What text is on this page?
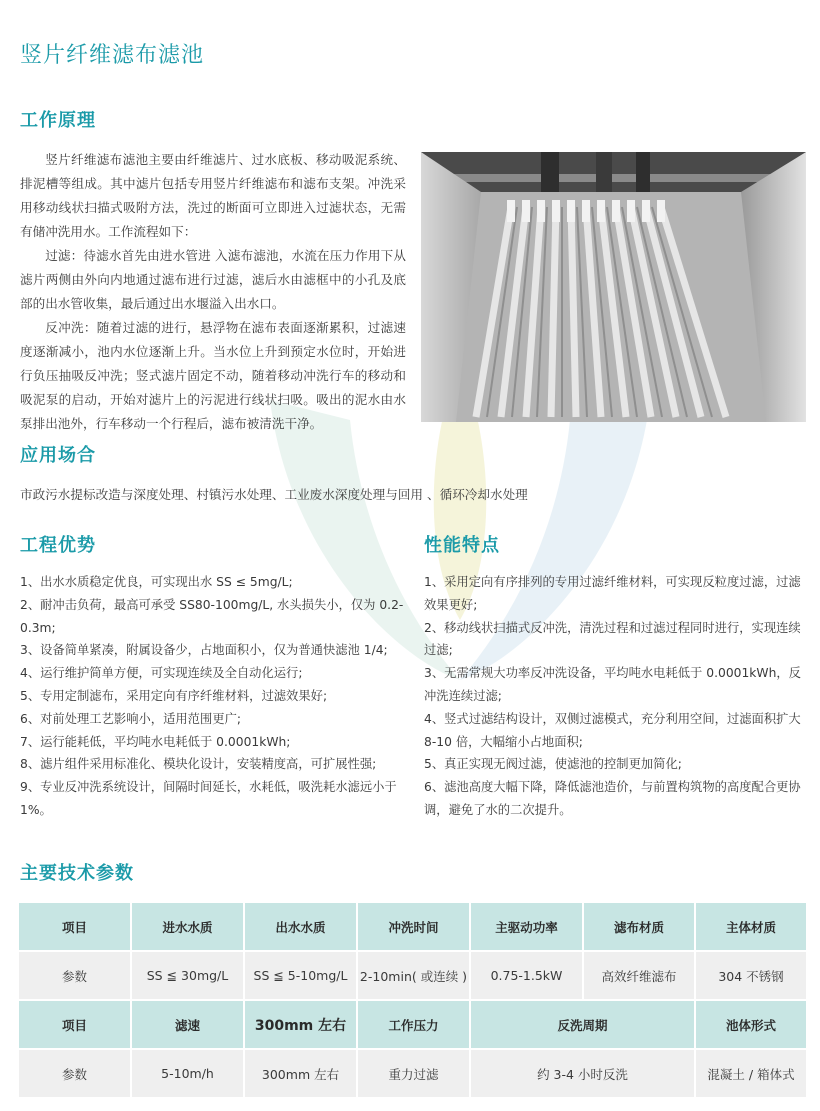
竖片纤维滤布滤池
工作原理

竖片纤维滤布滤池主要由纤维滤片、过水底板、移动吸泥系统、排泥槽等组成。其中滤片包括专用竖片纤维滤布和滤布支架。冲洗采用移动线状扫描式吸附方法，洗过的断面可立即进入过滤状态，无需有储冲洗用水。工作流程如下：

过滤：待滤水首先由进水管进 入滤布滤池，水流在压力作用下从滤片两侧由外向内地通过滤布进行过滤，滤后水由滤框中的小孔及底部的出水管收集，最后通过出水堰溢入出水口。

反冲洗：随着过滤的进行，悬浮物在滤布表面逐渐累积，过滤速度逐渐减小，池内水位逐渐上升。当水位上升到预定水位时，开始进行负压抽吸反冲洗；竖式滤片固定不动，随着移动冲洗行车的移动和吸泥泵的启动，开始对滤片上的污泥进行线状扫吸。吸出的泥水由水泵排出池外，行车移动一个行程后，滤布被清洗干净。

应用场合
市政污水提标改造与深度处理、村镇污水处理、工业废水深度处理与回用 、循环冷却水处理
工程优势
1、出水水质稳定优良，可实现出水 SS ≤ 5mg/L;
2、耐冲击负荷，最高可承受 SS80-100mg/L, 水头损失小，仅为 0.2-0.3m;
3、设备简单紧凑，附属设备少，占地面积小，仅为普通快滤池 1/4;
4、运行维护简单方便，可实现连续及全自动化运行;
5、专用定制滤布，采用定向有序纤维材料，过滤效果好;
6、对前处理工艺影响小，适用范围更广;
7、运行能耗低，平均吨水电耗低于 0.0001kWh;
8、滤片组件采用标准化、模块化设计，安装精度高，可扩展性强;
9、专业反冲洗系统设计，间隔时间延长，水耗低，吸洗耗水滤远小于 1%。
性能特点
1、采用定向有序排列的专用过滤纤维材料，可实现反粒度过滤，过滤效果更好;
2、移动线状扫描式反冲洗，清洗过程和过滤过程同时进行，实现连续过滤;
3、无需常规大功率反冲洗设备，平均吨水电耗低于 0.0001kWh，反冲洗连续过滤;
4、竖式过滤结构设计，双侧过滤模式，充分利用空间，过滤面积扩大 8-10 倍，大幅缩小占地面积;
5、真正实现无阀过滤，使滤池的控制更加简化;
6、滤池高度大幅下降，降低滤池造价，与前置构筑物的高度配合更协调，避免了水的二次提升。
主要技术参数
项目	进水水质	出水水质	冲洗时间	主驱动功率	滤布材质	主体材质
参数	SS ≦ 30mg/L	SS ≦ 5-10mg/L	2-10min( 或连续 )	0.75-1.5kW	高效纤维滤布	304 不锈钢
项目	滤速	300mm 左右	工作压力	反洗周期		池体形式
参数	5-10m/h	300mm 左右	重力过滤	约 3-4 小时反洗		混凝土 / 箱体式
